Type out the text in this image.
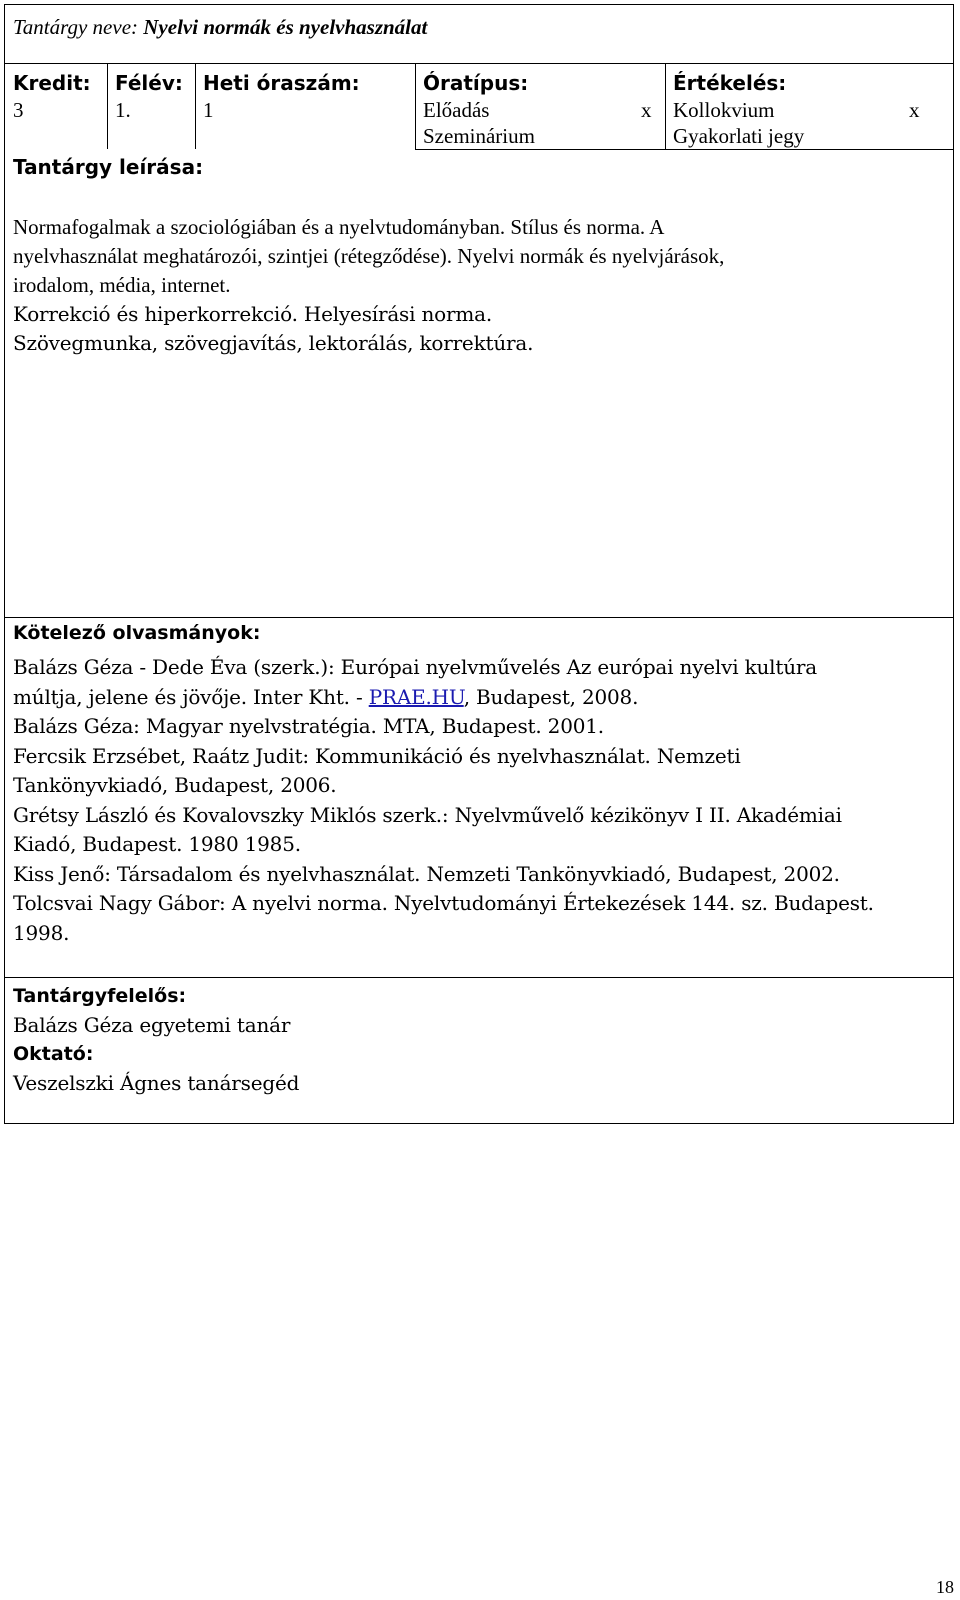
Tantárgy neve: Nyelvi normák és nyelvhasználat
Kredit:
3
Félév:
1.
Heti óraszám:
1
Óratípus:
Előadás	x
Szeminárium
Értékelés:
Kollokvium	x
Gyakorlati jegy
Tantárgy leírása:
Normafogalmak a szociológiában és a nyelvtudományban. Stílus és norma. A
nyelvhasználat meghatározói, szintjei (rétegződése). Nyelvi normák és nyelvjárások,
irodalom, média, internet.
Korrekció és hiperkorrekció. Helyesírási norma.
Szövegmunka, szövegjavítás, lektorálás, korrektúra.
Kötelező olvasmányok:
Balázs Géza - Dede Éva (szerk.): Európai nyelvművelés Az európai nyelvi kultúra
múltja, jelene és jövője. Inter Kht. - PRAE.HU, Budapest, 2008.
Balázs Géza: Magyar nyelvstratégia. MTA, Budapest. 2001.
Fercsik Erzsébet, Raátz Judit: Kommunikáció és nyelvhasználat. Nemzeti
Tankönyvkiadó, Budapest, 2006.
Grétsy László és Kovalovszky Miklós szerk.: Nyelvművelő kézikönyv I II. Akadémiai
Kiadó, Budapest. 1980 1985.
Kiss Jenő: Társadalom és nyelvhasználat. Nemzeti Tankönyvkiadó, Budapest, 2002.
Tolcsvai Nagy Gábor: A nyelvi norma. Nyelvtudományi Értekezések 144. sz. Budapest.
1998.
Tantárgyfelelős:
Balázs Géza egyetemi tanár
Oktató:
Veszelszki Ágnes tanársegéd
18
